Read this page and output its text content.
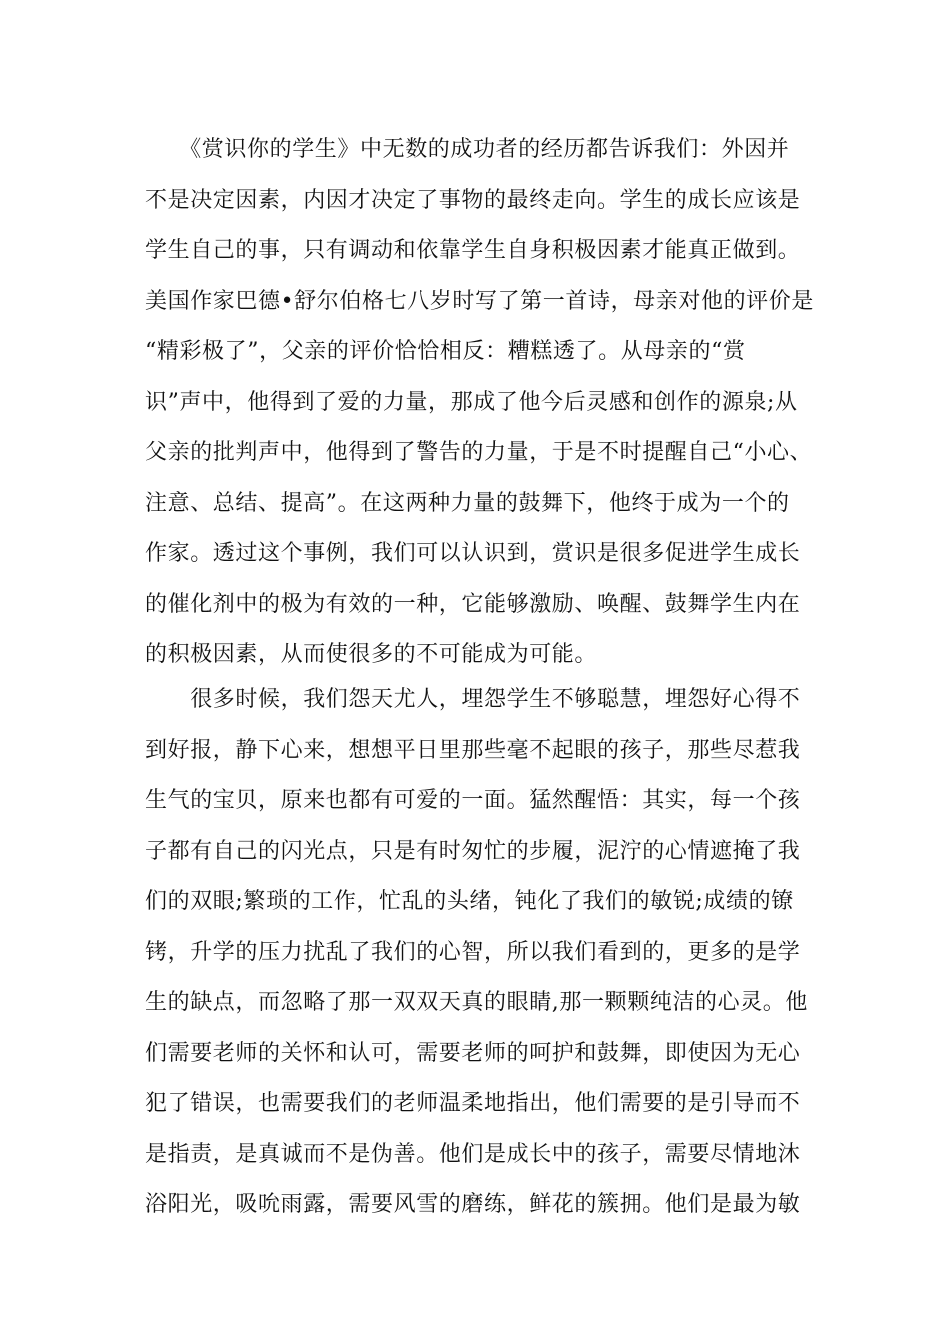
　　《赏识你的学生》中无数的成功者的经历都告诉我们：外因并
不是决定因素，内因才决定了事物的最终走向。学生的成长应该是
学生自己的事，只有调动和依靠学生自身积极因素才能真正做到。
美国作家巴德•舒尔伯格七八岁时写了第一首诗，母亲对他的评价是
“精彩极了”，父亲的评价恰恰相反：糟糕透了。从母亲的“赏
识”声中，他得到了爱的力量，那成了他今后灵感和创作的源泉;从
父亲的批判声中，他得到了警告的力量，于是不时提醒自己“小心、
注意、总结、提高”。在这两种力量的鼓舞下，他终于成为一个的
作家。透过这个事例，我们可以认识到，赏识是很多促进学生成长
的催化剂中的极为有效的一种，它能够激励、唤醒、鼓舞学生内在
的积极因素，从而使很多的不可能成为可能。

　　很多时候，我们怨天尤人，埋怨学生不够聪慧，埋怨好心得不
到好报，静下心来，想想平日里那些毫不起眼的孩子，那些尽惹我
生气的宝贝，原来也都有可爱的一面。猛然醒悟：其实，每一个孩
子都有自己的闪光点，只是有时匆忙的步履，泥泞的心情遮掩了我
们的双眼;繁琐的工作，忙乱的头绪，钝化了我们的敏锐;成绩的镣
铐，升学的压力扰乱了我们的心智，所以我们看到的，更多的是学
生的缺点，而忽略了那一双双天真的眼睛,那一颗颗纯洁的心灵。他
们需要老师的关怀和认可，需要老师的呵护和鼓舞，即使因为无心
犯了错误，也需要我们的老师温柔地指出，他们需要的是引导而不
是指责，是真诚而不是伪善。他们是成长中的孩子，需要尽情地沐
浴阳光，吸吮雨露，需要风雪的磨练，鲜花的簇拥。他们是最为敏
